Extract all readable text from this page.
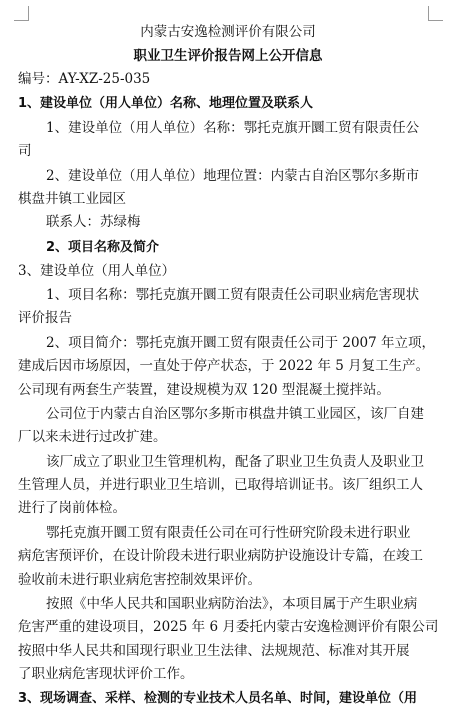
内蒙古安逸检测评价有限公司
职业卫生评价报告网上公开信息
编号：AY-XZ-25-035
1、建设单位（用人单位）名称、地理位置及联系人
1、建设单位（用人单位）名称：鄂托克旗开圜工贸有限责任公
司
2、建设单位（用人单位）地理位置：内蒙古自治区鄂尔多斯市
棋盘井镇工业园区
联系人：苏绿梅
2、项目名称及简介
3、建设单位（用人单位）
1、项目名称：鄂托克旗开圜工贸有限责任公司职业病危害现状
评价报告
2、项目简介：鄂托克旗开圜工贸有限责任公司于 2007 年立项，
建成后因市场原因，一直处于停产状态，于 2022 年 5 月复工生产。
公司现有两套生产装置，建设规模为双 120 型混凝土搅拌站。
公司位于内蒙古自治区鄂尔多斯市棋盘井镇工业园区，该厂自建
厂以来未进行过改扩建。
该厂成立了职业卫生管理机构，配备了职业卫生负责人及职业卫
生管理人员，并进行职业卫生培训，已取得培训证书。该厂组织工人
进行了岗前体检。
鄂托克旗开圜工贸有限责任公司在可行性研究阶段未进行职业
病危害预评价，在设计阶段未进行职业病防护设施设计专篇，在竣工
验收前未进行职业病危害控制效果评价。
按照《中华人民共和国职业病防治法》，本项目属于产生职业病
危害严重的建设项目，2025 年 6 月委托内蒙古安逸检测评价有限公司
按照中华人民共和国现行职业卫生法律、法规规范、标准对其开展
了职业病危害现状评价工作。
3、现场调查、采样、检测的专业技术人员名单、时间，建设单位（用
